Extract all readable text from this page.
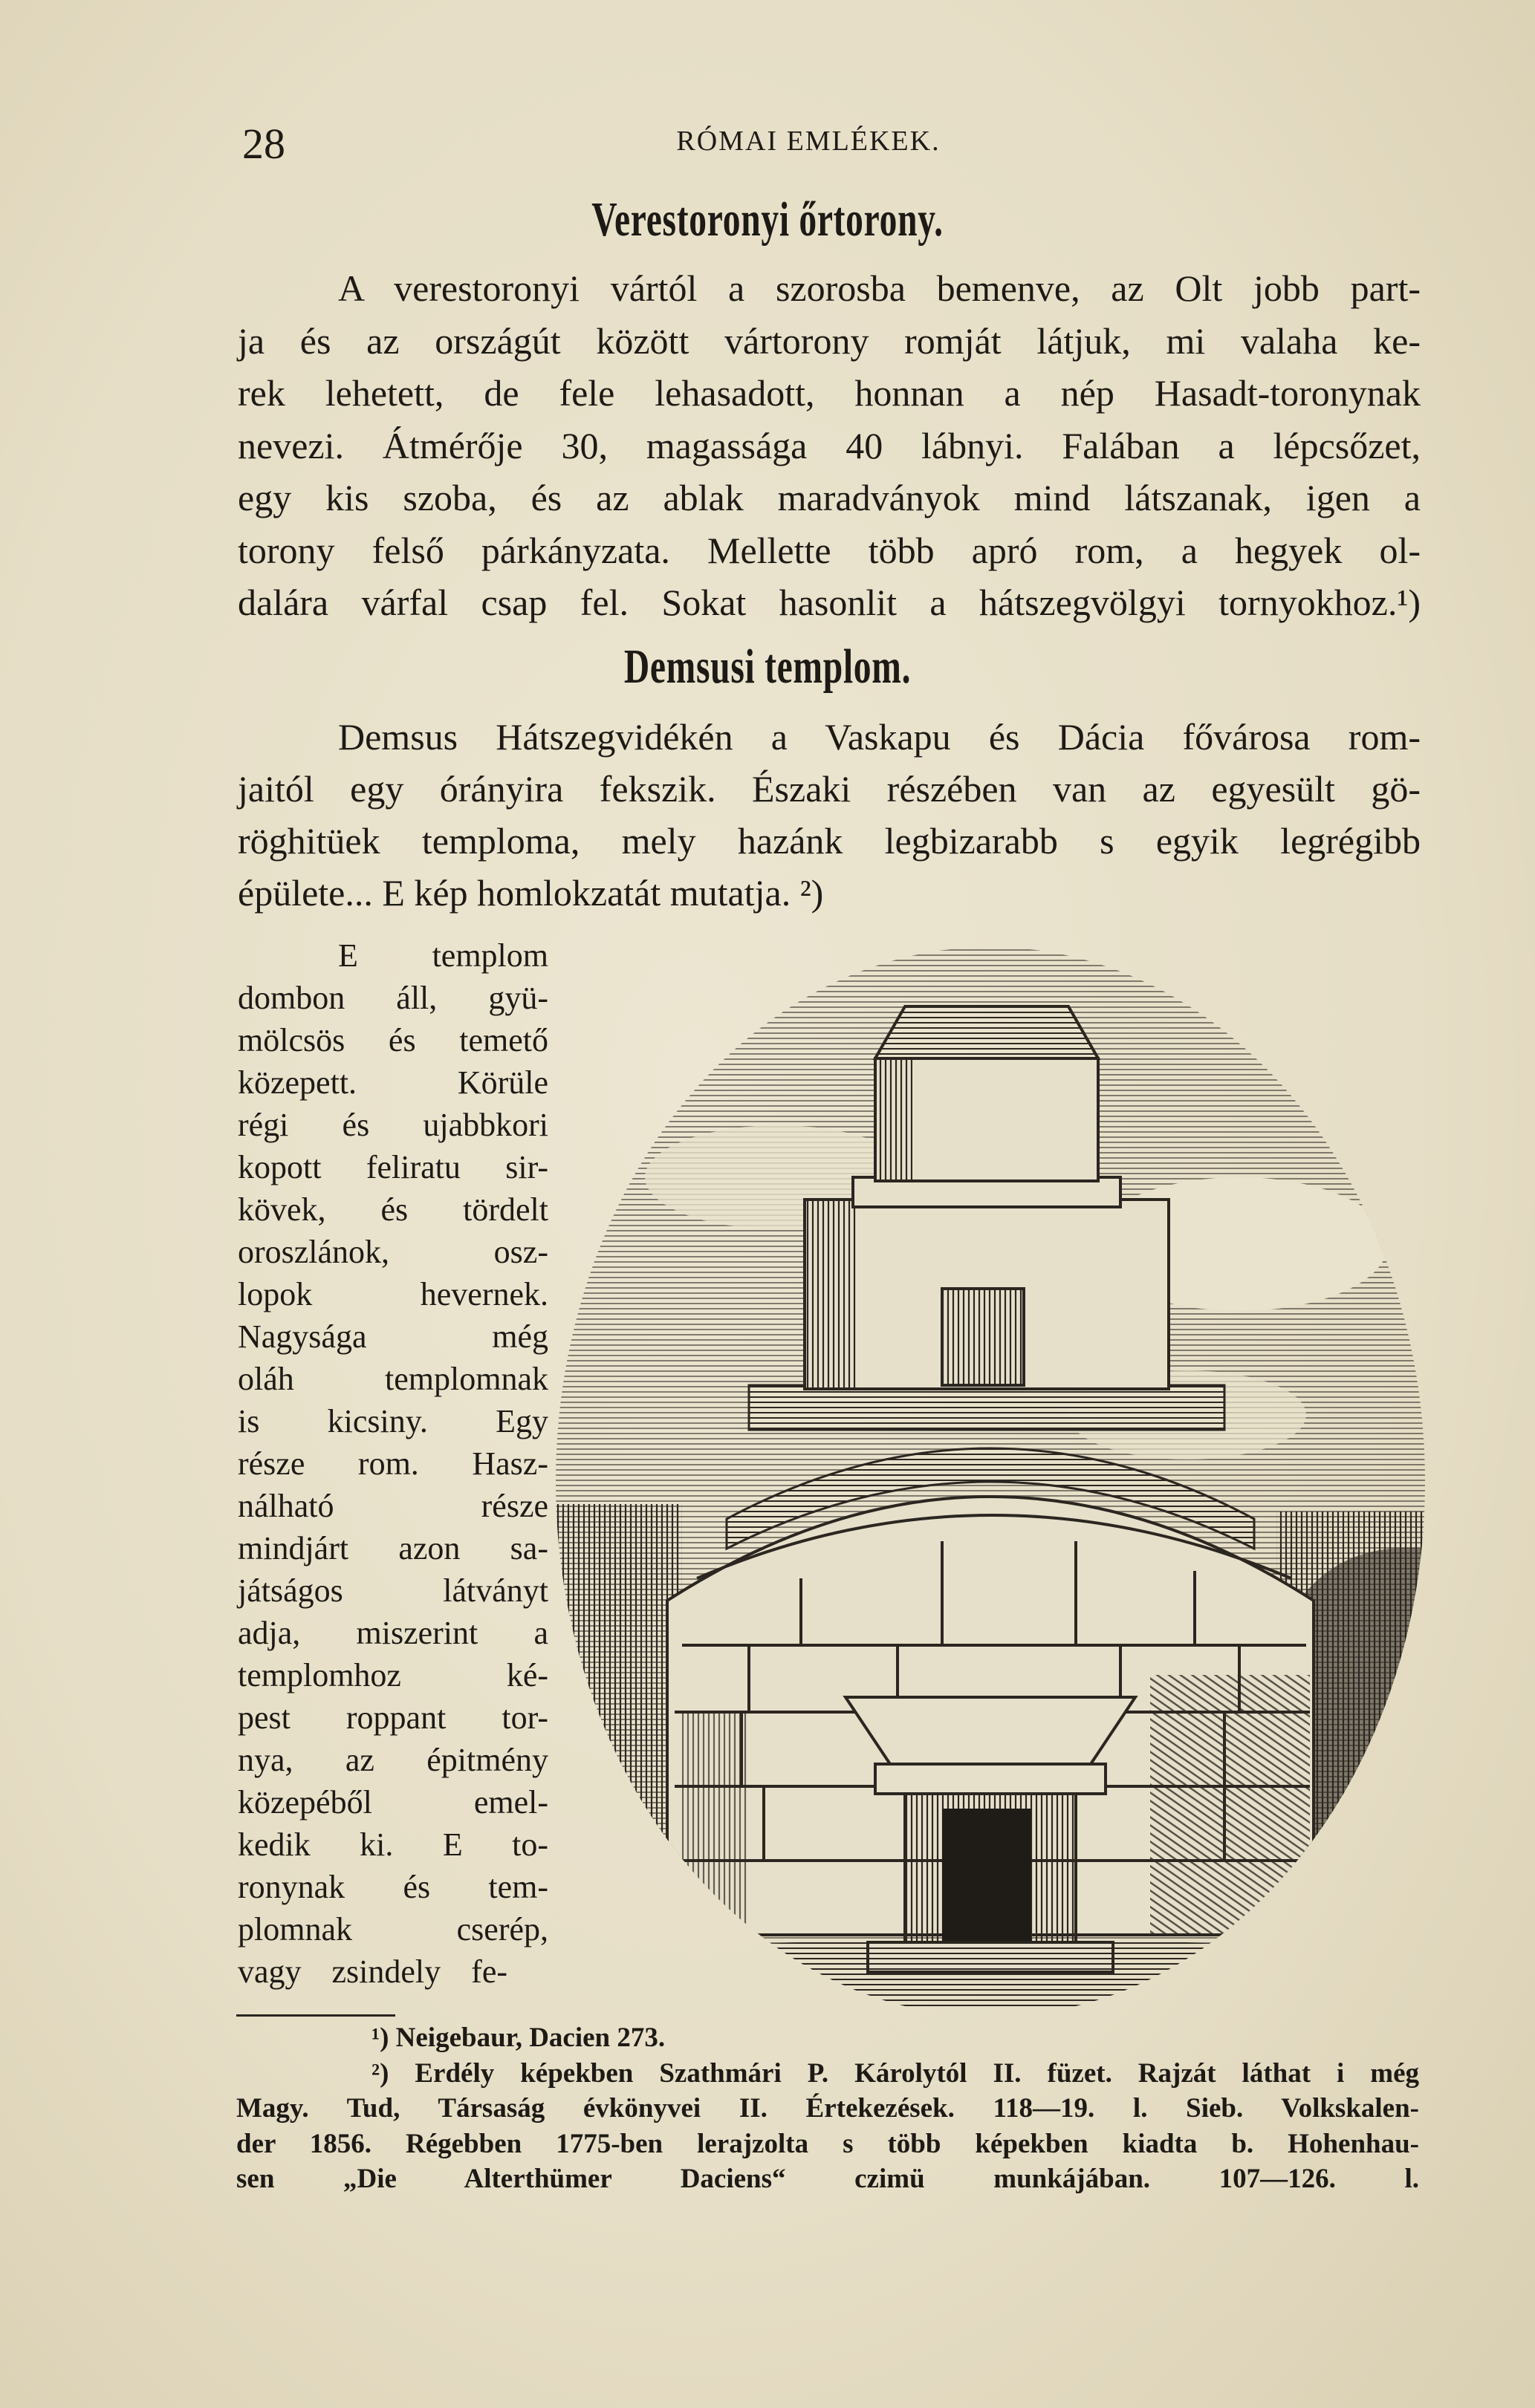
28	RÓMAI EMLÉKEK.
Verestoronyi őrtorony.
A verestoronyi vártól a szorosba bemenve, az Olt jobb part-
ja és az országút között vártorony romját látjuk, mi valaha ke-
rek lehetett, de fele lehasadott, honnan a nép Hasadt-toronynak
nevezi. Átmérője 30, magassága 40 lábnyi. Falában a lépcsőzet,
egy kis szoba, és az ablak maradványok mind látszanak, igen a
torony felső párkányzata. Mellette több apró rom, a hegyek ol-
dalára várfal csap fel. Sokat hasonlit a hátszegvölgyi tornyokhoz.¹)
Demsusi templom.
Demsus Hátszegvidékén a Vaskapu és Dácia fővárosa rom-
jaitól egy órányira fekszik. Északi részében van az egyesült gö-
röghitüek temploma, mely hazánk legbizarabb s egyik legrégibb
épülete... E kép homlokzatát mutatja. ²)
E templom
dombon áll, gyü-
mölcsös és temető
közepett. Körüle
régi és ujabbkori
kopott feliratu sir-
kövek, és tördelt
oroszlánok, osz-
lopok hevernek.
Nagysága még
oláh templomnak
is kicsiny. Egy
része rom. Hasz-
nálható része
mindjárt azon sa-
játságos látványt
adja, miszerint a
templomhoz ké-
pest roppant tor-
nya, az épitmény
közepéből emel-
kedik ki. E to-
ronynak és tem-
plomnak cserép,
vagy zsindely fe-
¹) Neigebaur, Dacien 273.
²) Erdély képekben Szathmári P. Károlytól II. füzet. Rajzát láthat i még
Magy. Tud, Társaság évkönyvei II. Értekezések. 118—19. l. Sieb. Volkskalen-
der 1856. Régebben 1775-ben lerajzolta s több képekben kiadta b. Hohenhau-
sen „Die Alterthümer Daciens“ czimü munkájában. 107—126. l.
